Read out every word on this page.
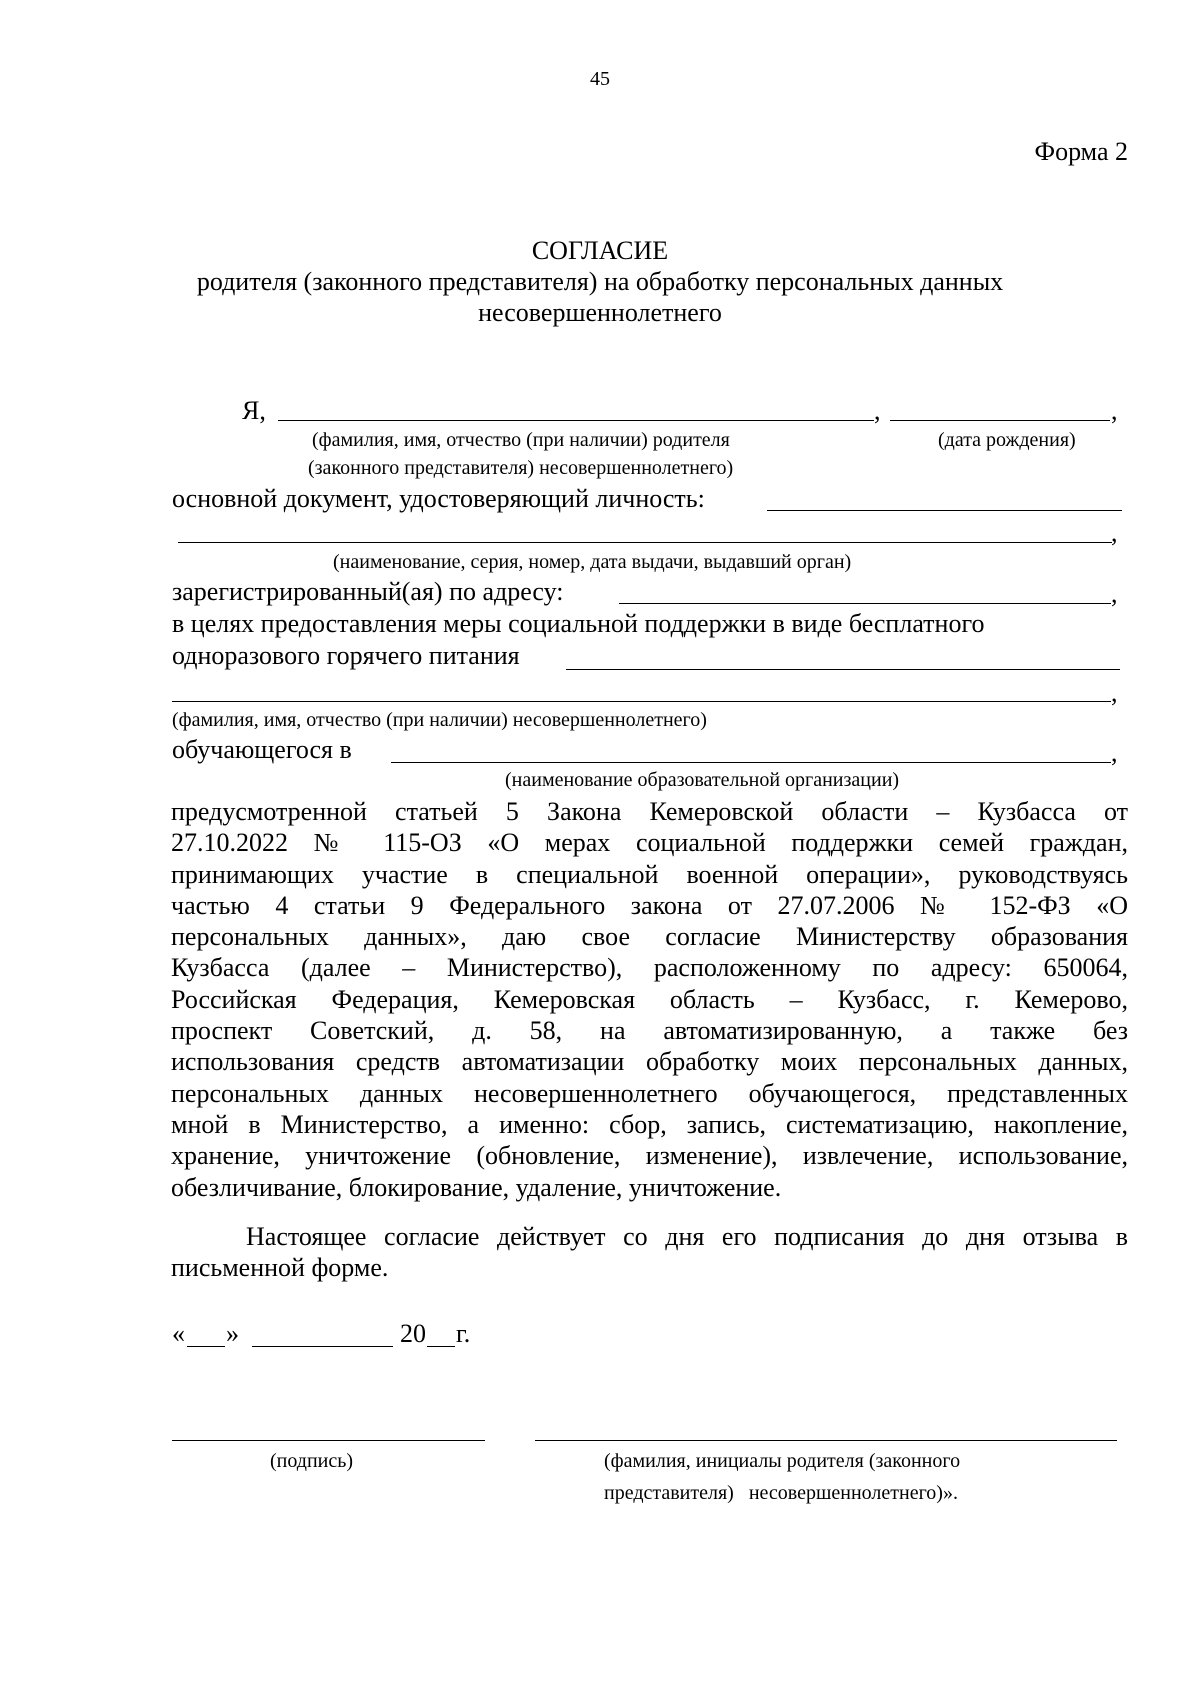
45
Форма 2
СОГЛАСИЕ
родителя (законного представителя) на обработку персональных данных
несовершеннолетнего
Я,	,	,
(фамилия, имя, отчество (при наличии) родителя	(дата рождения)
(законного представителя) несовершеннолетнего)
основной документ, удостоверяющий личность:
,
(наименование, серия, номер, дата выдачи, выдавший орган)
зарегистрированный(ая) по адресу:	,
в целях предоставления меры социальной поддержки в виде бесплатного
одноразового горячего питания
,
(фамилия, имя, отчество (при наличии) несовершеннолетнего)
обучающегося в	,
(наименование образовательной организации)
предусмотренной статьей 5 Закона Кемеровской области – Кузбасса от
27.10.2022 № 115-ОЗ «О мерах социальной поддержки семей граждан,
принимающих участие в специальной военной операции», руководствуясь
частью 4 статьи 9 Федерального закона от 27.07.2006 № 152-ФЗ «О
персональных данных», даю свое согласие Министерству образования
Кузбасса (далее – Министерство), расположенному по адресу: 650064,
Российская Федерация, Кемеровская область – Кузбасс, г. Кемерово,
проспект Советский, д. 58, на автоматизированную, а также без
использования средств автоматизации обработку моих персональных данных,
персональных данных несовершеннолетнего обучающегося, представленных
мной в Министерство, а именно: сбор, запись, систематизацию, накопление,
хранение, уничтожение (обновление, изменение), извлечение, использование,
обезличивание, блокирование, удаление, уничтожение.
Настоящее согласие действует со дня его подписания до дня отзыва в
письменной форме.
« »	20 г.
(подпись)	(фамилия, инициалы родителя (законного
представителя)   несовершеннолетнего)».
